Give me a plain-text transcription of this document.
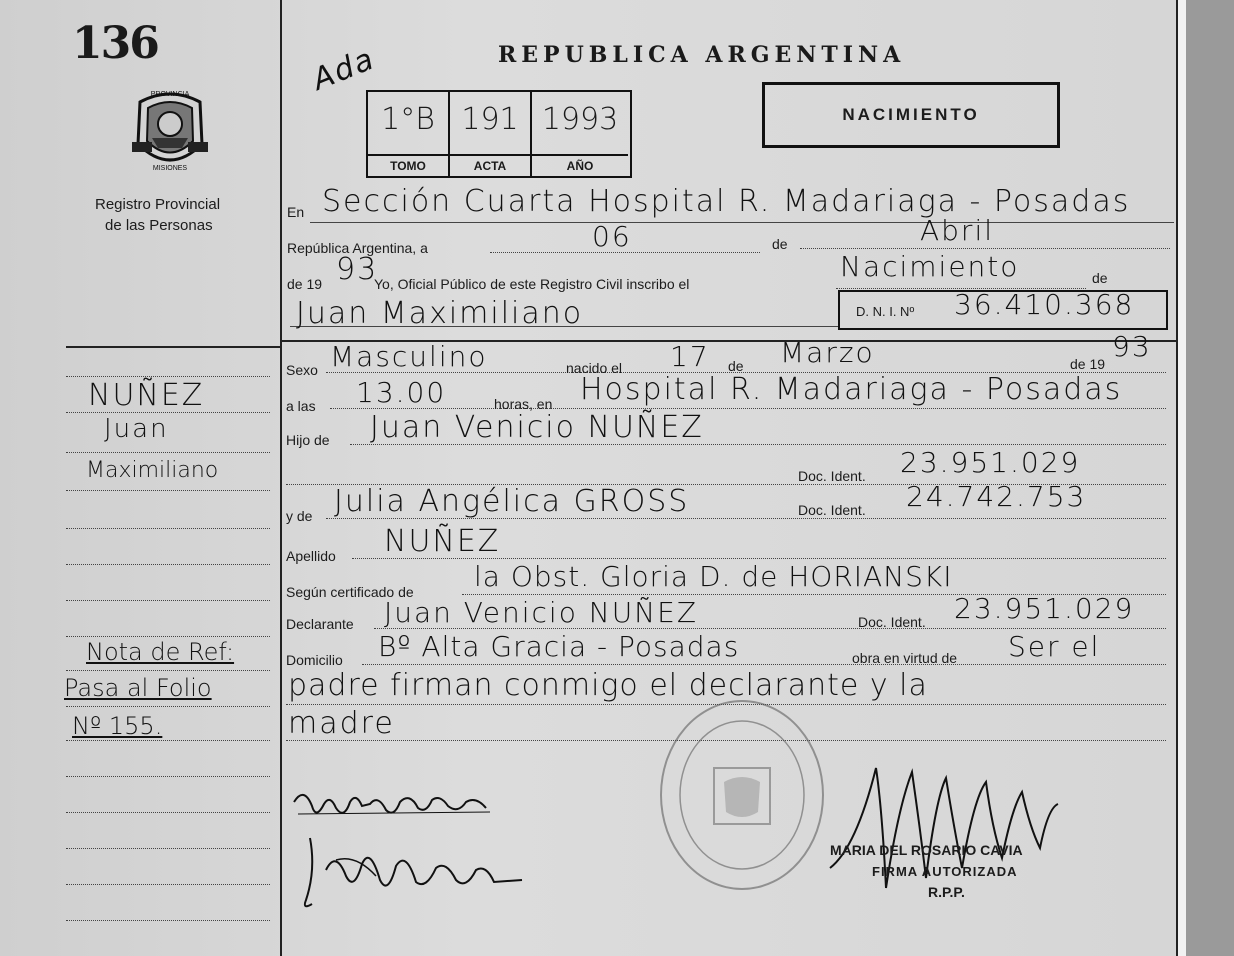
136	REPUBLICA ARGENTINA
NACIMIENTO
Ada
PROVINCIA
MISIONES
Registro Provincial
de las Personas
1°B
TOMO
191
ACTA
1993
AÑO
En Sección Cuarta Hospital R. Madariaga - Posadas
República Argentina, a	06	de	Abril
de 19 93
Yo, Oficial Público de este Registro Civil inscribo el
Nacimiento	de
Juan Maximiliano	D. N. I. Nº 36.410.368
Sexo Masculino	nacido el 17 de Marzo	de 19
93
a las 13.00	horas, en Hospital R. Madariaga - Posadas
Hijo de Juan Venicio NUÑEZ
Doc. Ident. 23.951.029
y de Julia Angélica GROSS	Doc. Ident. 24.742.753
Apellido NUÑEZ
Según certificado de la Obst. Gloria D. de HORIANSKI
Declarante Juan Venicio NUÑEZ	Doc. Ident. 23.951.029
Domicilio Bº Alta Gracia - Posadas	obra en virtud de Ser el
padre firman conmigo el declarante y la
madre
NUÑEZ
Juan
Maximiliano
Nota de Ref:
Pasa al Folio
Nº 155.
MARIA DEL ROSARIO CAVIA
FIRMA AUTORIZADA
R.P.P.
